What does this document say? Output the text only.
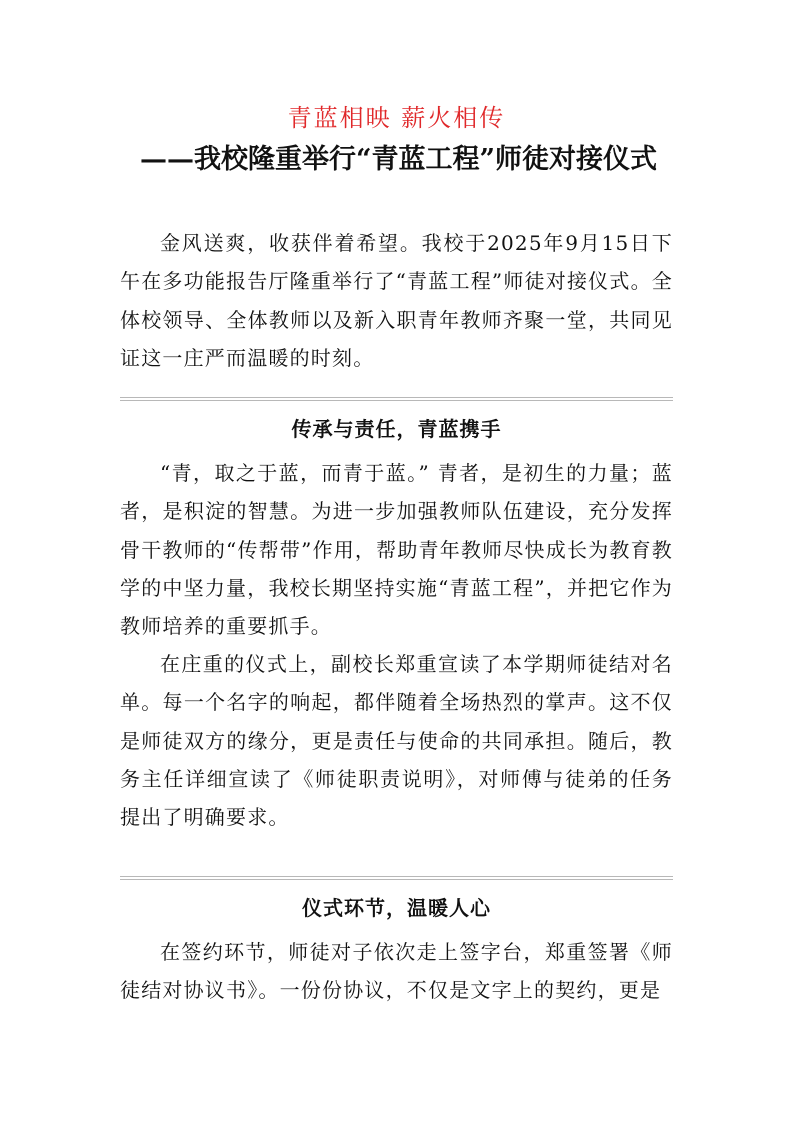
青蓝相映 薪火相传
——我校隆重举行“青蓝工程”师徒对接仪式

金风送爽，收获伴着希望。我校于2025年9月15日下午在多功能报告厅隆重举行了“青蓝工程”师徒对接仪式。全体校领导、全体教师以及新入职青年教师齐聚一堂，共同见证这一庄严而温暖的时刻。

传承与责任，青蓝携手

“青，取之于蓝，而青于蓝。” 青者，是初生的力量；蓝者，是积淀的智慧。为进一步加强教师队伍建设，充分发挥骨干教师的“传帮带”作用，帮助青年教师尽快成长为教育教学的中坚力量，我校长期坚持实施“青蓝工程”，并把它作为教师培养的重要抓手。

在庄重的仪式上，副校长郑重宣读了本学期师徒结对名单。每一个名字的响起，都伴随着全场热烈的掌声。这不仅是师徒双方的缘分，更是责任与使命的共同承担。随后，教务主任详细宣读了《师徒职责说明》，对师傅与徒弟的任务提出了明确要求。

仪式环节，温暖人心

在签约环节，师徒对子依次走上签字台，郑重签署《师徒结对协议书》。一份份协议，不仅是文字上的契约，更是
